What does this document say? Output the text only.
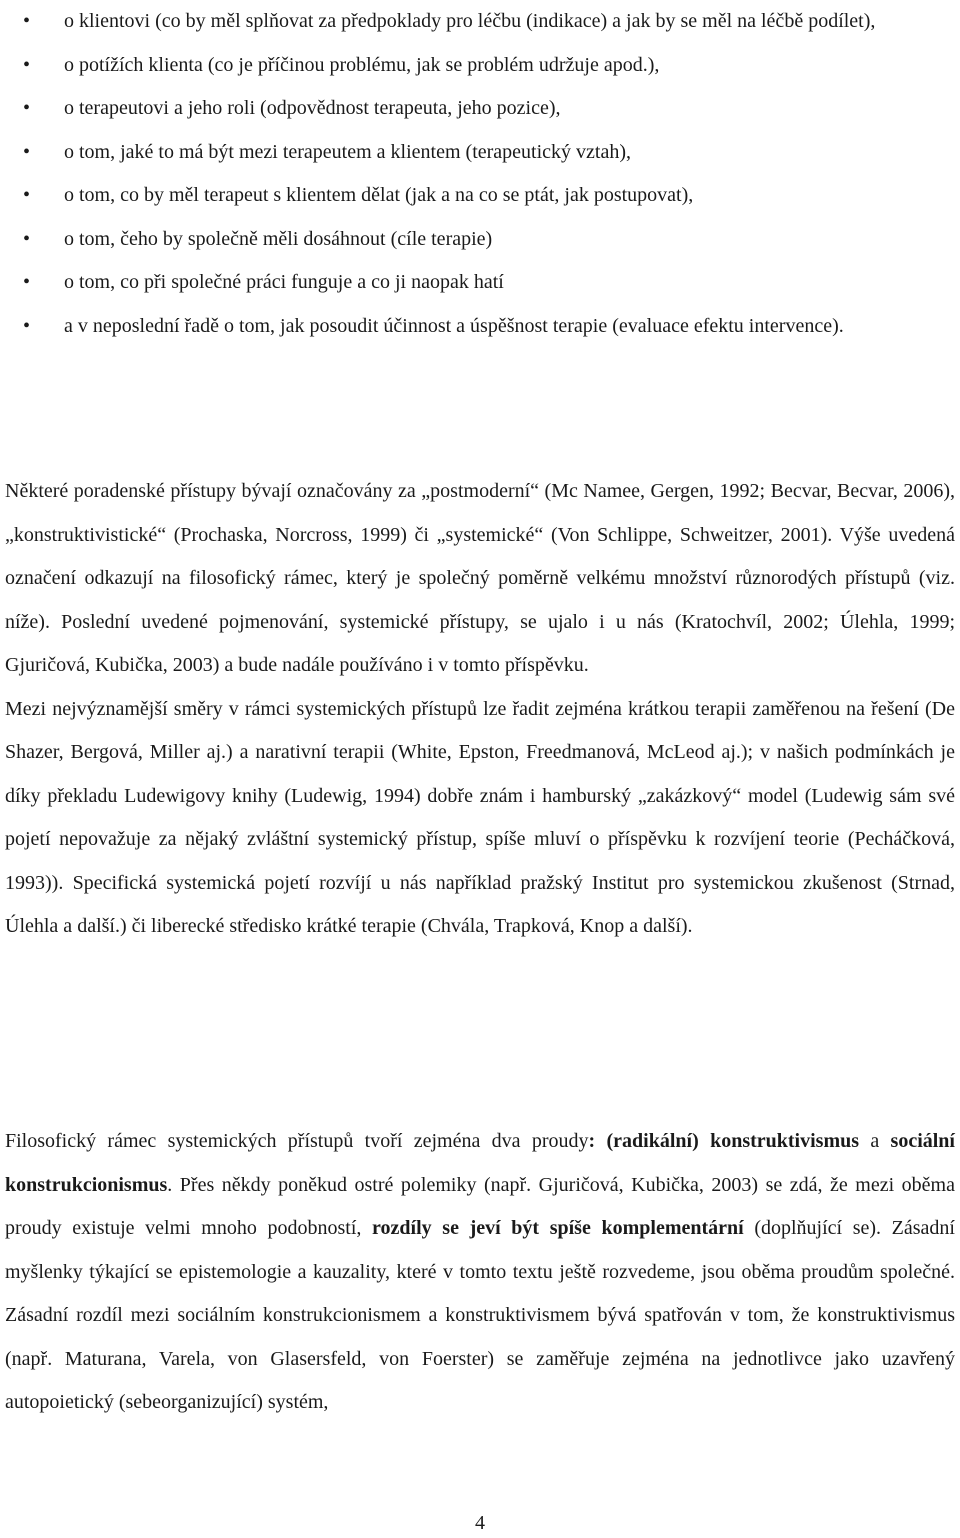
• o klientovi (co by měl splňovat za předpoklady pro léčbu (indikace) a jak by se měl na léčbě podílet),
• o potížích klienta (co je příčinou problému, jak se problém udržuje apod.),
• o terapeutovi a jeho roli (odpovědnost terapeuta, jeho pozice),
• o tom, jaké to má být mezi terapeutem a klientem (terapeutický vztah),
• o tom, co by měl terapeut s klientem dělat (jak a na co se ptát, jak postupovat),
• o tom, čeho by společně měli dosáhnout (cíle terapie)
• o tom, co při společné práci funguje a co ji naopak hatí
• a v neposlední řadě o tom, jak posoudit účinnost a úspěšnost terapie (evaluace efektu intervence).
Některé poradenské přístupy bývají označovány za „postmoderní“ (Mc Namee, Gergen, 1992; Becvar, Becvar, 2006), „konstruktivistické“ (Prochaska, Norcross, 1999) či „systemické“ (Von Schlippe, Schweitzer, 2001). Výše uvedená označení odkazují na filosofický rámec, který je společný poměrně velkému množství různorodých přístupů (viz. níže). Poslední uvedené pojmenování, systemické přístupy, se ujalo i u nás (Kratochvíl, 2002; Úlehla, 1999; Gjuričová, Kubička, 2003) a bude nadále používáno i v tomto příspěvku.
Mezi nejvýznamější směry v rámci systemických přístupů lze řadit zejména krátkou terapii zaměřenou na řešení (De Shazer, Bergová, Miller aj.) a narativní terapii (White, Epston, Freedmanová, McLeod aj.); v našich podmínkách je díky překladu Ludewigovy knihy (Ludewig, 1994) dobře znám i hamburský „zakázkový“ model (Ludewig sám své pojetí nepovažuje za nějaký zvláštní systemický přístup, spíše mluví o příspěvku k rozvíjení teorie (Pecháčková, 1993)). Specifická systemická pojetí rozvíjí u nás například pražský Institut pro systemickou zkušenost (Strnad, Úlehla a další.) či liberecké středisko krátké terapie (Chvála, Trapková, Knop a další).
Filosofický rámec systemických přístupů tvoří zejména dva proudy: (radikální) konstruktivismus a sociální konstrukcionismus. Přes někdy poněkud ostré polemiky (např. Gjuričová, Kubička, 2003) se zdá, že mezi oběma proudy existuje velmi mnoho podobností, rozdíly se jeví být spíše komplementární (doplňující se). Zásadní myšlenky týkající se epistemologie a kauzality, které v tomto textu ještě rozvedeme, jsou oběma proudům společné. Zásadní rozdíl mezi sociálním konstrukcionismem a konstruktivismem bývá spatřován v tom, že konstruktivismus (např. Maturana, Varela, von Glasersfeld, von Foerster) se zaměřuje zejména na jednotlivce jako uzavřený autopoietický (sebeorganizující) systém,
4
